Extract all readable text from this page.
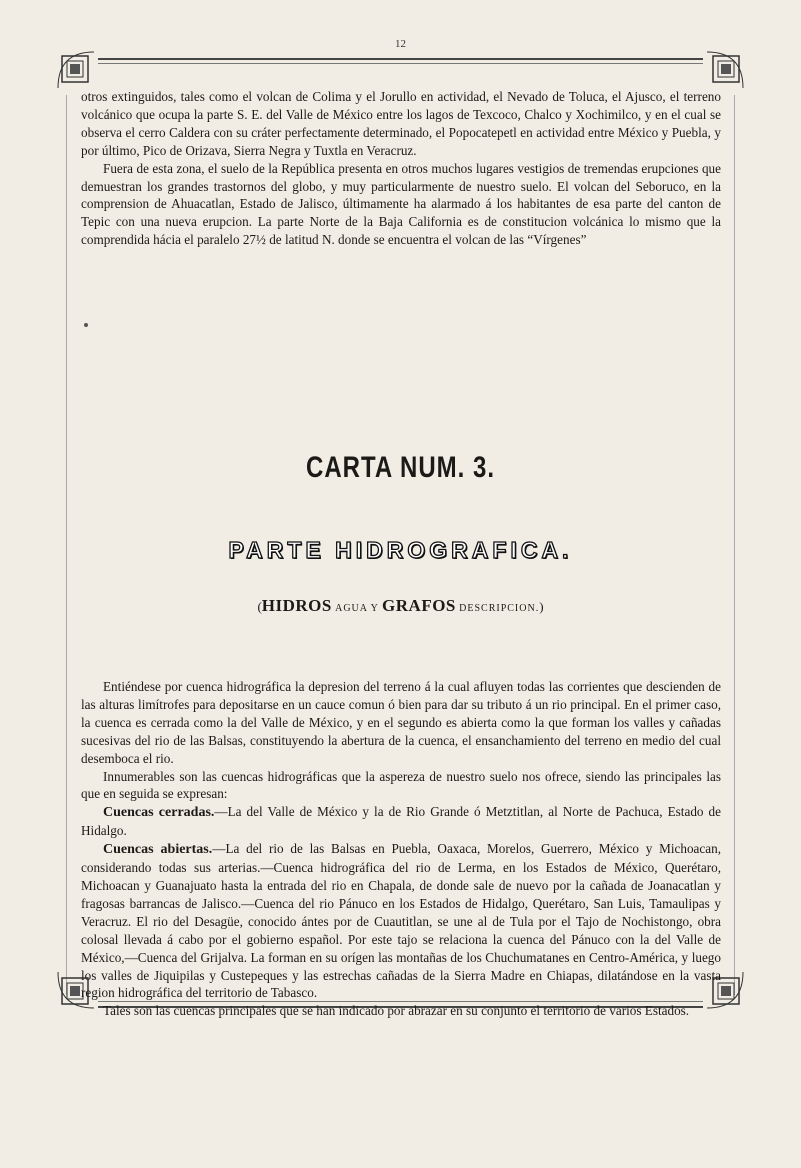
12

otros extinguidos, tales como el volcan de Colima y el Jorullo en actividad, el Nevado de Toluca, el Ajusco, el terreno volcánico que ocupa la parte S. E. del Valle de México entre los lagos de Texcoco, Chalco y Xochimilco, y en el cual se observa el cerro Caldera con su cráter perfectamente determinado, el Popocatepetl en actividad entre México y Puebla, y por último, Pico de Orizava, Sierra Negra y Tuxtla en Veracruz.

Fuera de esta zona, el suelo de la República presenta en otros muchos lugares vestigios de tremendas erupciones que demuestran los grandes trastornos del globo, y muy particularmente de nuestro suelo. El volcan del Seboruco, en la comprension de Ahuacatlan, Estado de Jalisco, últimamente ha alarmado á los habitantes de esa parte del canton de Tepic con una nueva erupcion. La parte Norte de la Baja California es de constitucion volcánica lo mismo que la comprendida hácia el paralelo 27½ de latitud N. donde se encuentra el volcan de las “Vírgenes”

CARTA NUM. 3.
PARTE HIDROGRAFICA.
(HIDROS AGUA Y GRAFOS DESCRIPCION.)

Entiéndese por cuenca hidrográfica la depresion del terreno á la cual afluyen todas las corrientes que descienden de las alturas limítrofes para depositarse en un cauce comun ó bien para dar su tributo á un rio principal. En el primer caso, la cuenca es cerrada como la del Valle de México, y en el segundo es abierta como la que forman los valles y cañadas sucesivas del rio de las Balsas, constituyendo la abertura de la cuenca, el ensanchamiento del terreno en medio del cual desemboca el rio.

Innumerables son las cuencas hidrográficas que la aspereza de nuestro suelo nos ofrece, siendo las principales las que en seguida se expresan:

Cuencas cerradas.—La del Valle de México y la de Rio Grande ó Metztitlan, al Norte de Pachuca, Estado de Hidalgo.

Cuencas abiertas.—La del rio de las Balsas en Puebla, Oaxaca, Morelos, Guerrero, México y Michoacan, considerando todas sus arterias.—Cuenca hidrográfica del rio de Lerma, en los Estados de México, Querétaro, Michoacan y Guanajuato hasta la entrada del rio en Chapala, de donde sale de nuevo por la cañada de Joanacatlan y fragosas barrancas de Jalisco.—Cuenca del rio Pánuco en los Estados de Hidalgo, Querétaro, San Luis, Tamaulipas y Veracruz. El rio del Desagüe, conocido ántes por de Cuautitlan, se une al de Tula por el Tajo de Nochistongo, obra colosal llevada á cabo por el gobierno español. Por este tajo se relaciona la cuenca del Pánuco con la del Valle de México,—Cuenca del Grijalva. La forman en su orígen las montañas de los Chuchumatanes en Centro-América, y luego los valles de Jiquipilas y Custepeques y las estrechas cañadas de la Sierra Madre en Chiapas, dilatándose en la vasta region hidrográfica del territorio de Tabasco.

Tales son las cuencas principales que se han indicado por abrazar en su conjunto el territorio de varios Estados.
